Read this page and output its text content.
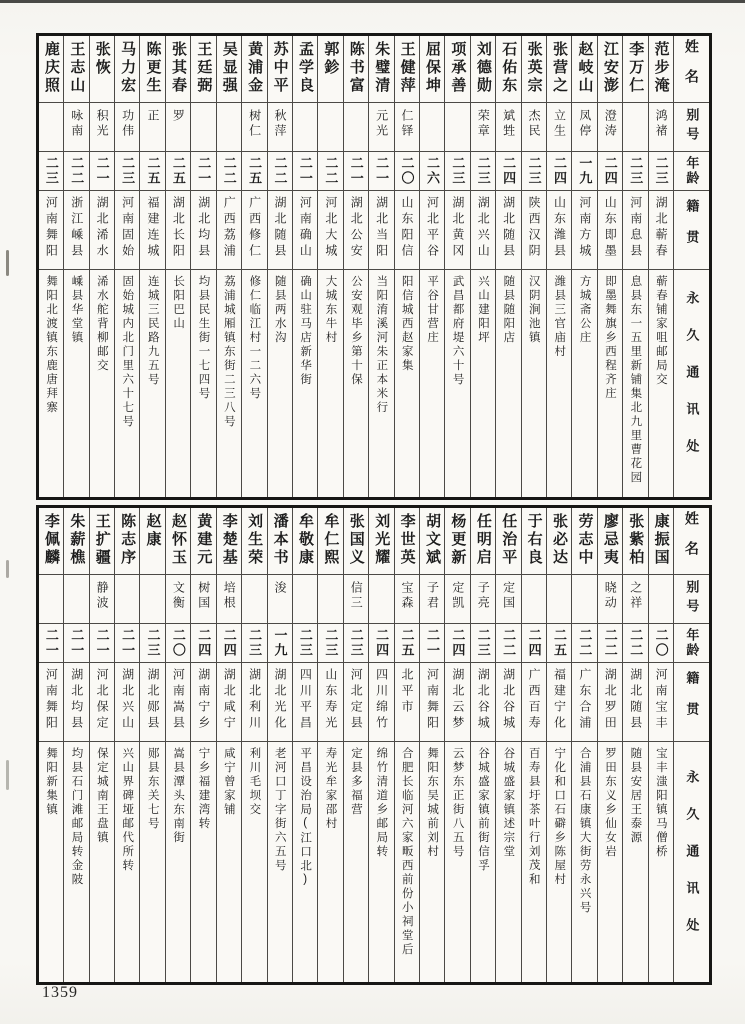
姓名
别号
年龄
籍贯
永久通讯处
范步淹
鸿禇
二三
湖北蕲春
蕲春铺家咀邮局交
李万仁
二三
河南息县
息县东一五里新铺集北九里曹花园
江安澎
澄涛
二四
山东即墨
即墨舞旗乡西程齐庄
赵岐山
凤停
一九
河南方城
方城斋公庄
张营之
立生
二四
山东潍县
潍县三官庙村
张英宗
杰民
二三
陕西汉阴
汉阴涧池镇
石佑东
斌甡
二四
湖北随县
随县随阳店
刘德勋
荣章
二三
湖北兴山
兴山建阳坪
项承善
二三
湖北黄冈
武昌都府堤六十号
屈保坤
二六
河北平谷
平谷甘营庄
王健萍
仁铎
二〇
山东阳信
阳信城西赵家集
朱璧清
元光
二一
湖北当阳
当阳淯溪河朱正本米行
陈书富
二一
湖北公安
公安观毕乡第十保
郭鉁
二二
河北大城
大城东牛村
孟学良
二一
河南确山
确山驻马店新华街
苏中平
秋萍
二二
湖北随县
随县两水沟
黄浦金
树仁
二五
广西修仁
修仁临江村一二六号
吴显强
二二
广西荔浦
荔浦城厢镇东街二三八号
王廷弼
二一
湖北均县
均县民生街一七四号
张其春
罗
二五
湖北长阳
长阳巴山
陈更生
正
二五
福建连城
连城三民路九五号
马力宏
功伟
二三
河南固始
固始城内北门里六十七号
张恢
积光
二一
湖北浠水
浠水舵背柳邮交
王志山
咏南
二二
浙江嵊县
嵊县华堂镇
鹿庆照
二三
河南舞阳
舞阳北渡镇东鹿唐拜寨
姓名
别号
年龄
籍贯
永久通讯处
康振国
二〇
河南宝丰
宝丰滍阳镇马僧桥
张紫柏
之祥
二二
湖北随县
随县安居王泰源
廖忌夷
晓动
二二
湖北罗田
罗田东义乡仙女岩
劳志中
二二
广东合浦
合浦县石康镇大街劳永兴号
张必达
二五
福建宁化
宁化和口石礔乡陈屋村
于右良
二四
广西百寿
百寿县圩茶叶行刘茂和
任治平
定国
二二
湖北谷城
谷城盛家镇述宗堂
任明启
子亮
二三
湖北谷城
谷城盛家镇前街信孚
杨更新
定凯
二四
湖北云梦
云梦东正街八五号
胡文斌
子君
二一
河南舞阳
舞阳东吴城前刘村
李世英
宝森
二五
北平市
合肥长临河六家畈西前份小祠堂后
刘光耀
二四
四川绵竹
绵竹清道乡邮局转
张国义
信三
二三
河北定县
定县多福营
牟仁熙
二三
山东寿光
寿光牟家邵村
牟敬康
二三
四川平昌
平昌设治局(江口北)
潘本书
浚
一九
湖北光化
老河口丁字街六五号
刘生荣
二三
湖北利川
利川毛坝交
李楚基
培根
二四
湖北咸宁
咸宁曾家铺
黄建元
树国
二四
湖南宁乡
宁乡福建湾转
赵怀玉
文衡
二〇
河南嵩县
嵩县潭头东南街
赵康
二三
湖北郧县
郧县东关七号
陈志序
二一
湖北兴山
兴山界碑垭邮代所转
王扩疆
静波
二一
河北保定
保定城南王盘镇
朱薪樵
二一
湖北均县
均县石门滩邮局转金陂
李佩麟
二一
河南舞阳
舞阳新集镇
1359
